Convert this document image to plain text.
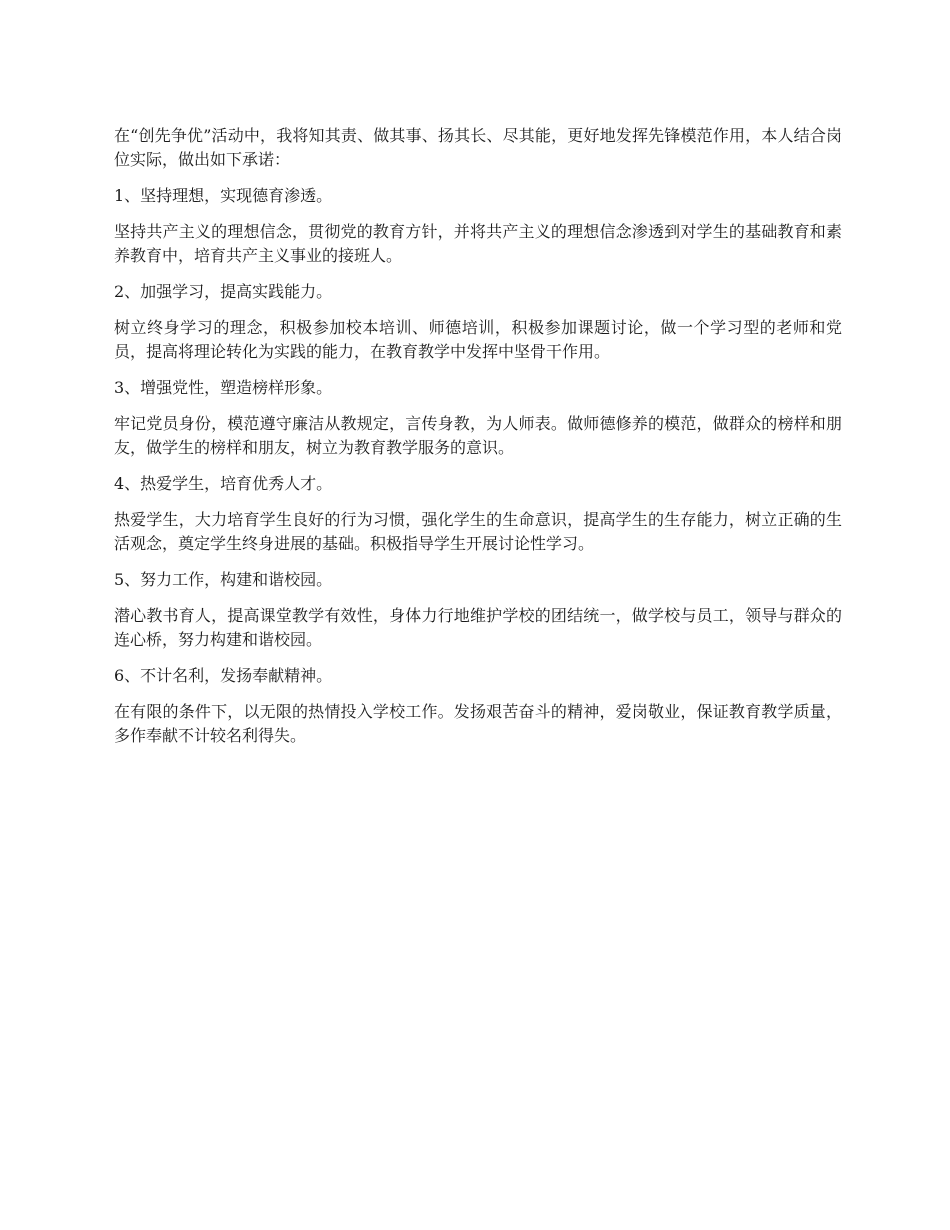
在“创先争优”活动中，我将知其责、做其事、扬其长、尽其能，更好地发挥先锋模范作用，本人结合岗位实际，做出如下承诺：

1、坚持理想，实现德育渗透。

坚持共产主义的理想信念，贯彻党的教育方针，并将共产主义的理想信念渗透到对学生的基础教育和素养教育中，培育共产主义事业的接班人。

2、加强学习，提高实践能力。

树立终身学习的理念，积极参加校本培训、师德培训，积极参加课题讨论，做一个学习型的老师和党员，提高将理论转化为实践的能力，在教育教学中发挥中坚骨干作用。

3、增强党性，塑造榜样形象。

牢记党员身份，模范遵守廉洁从教规定，言传身教，为人师表。做师德修养的模范，做群众的榜样和朋友，做学生的榜样和朋友，树立为教育教学服务的意识。

4、热爱学生，培育优秀人才。

热爱学生，大力培育学生良好的行为习惯，强化学生的生命意识，提高学生的生存能力，树立正确的生活观念，奠定学生终身进展的基础。积极指导学生开展讨论性学习。

5、努力工作，构建和谐校园。

潜心教书育人，提高课堂教学有效性，身体力行地维护学校的团结统一，做学校与员工，领导与群众的连心桥，努力构建和谐校园。

6、不计名利，发扬奉献精神。

在有限的条件下，以无限的热情投入学校工作。发扬艰苦奋斗的精神，爱岗敬业，保证教育教学质量，多作奉献不计较名利得失。
